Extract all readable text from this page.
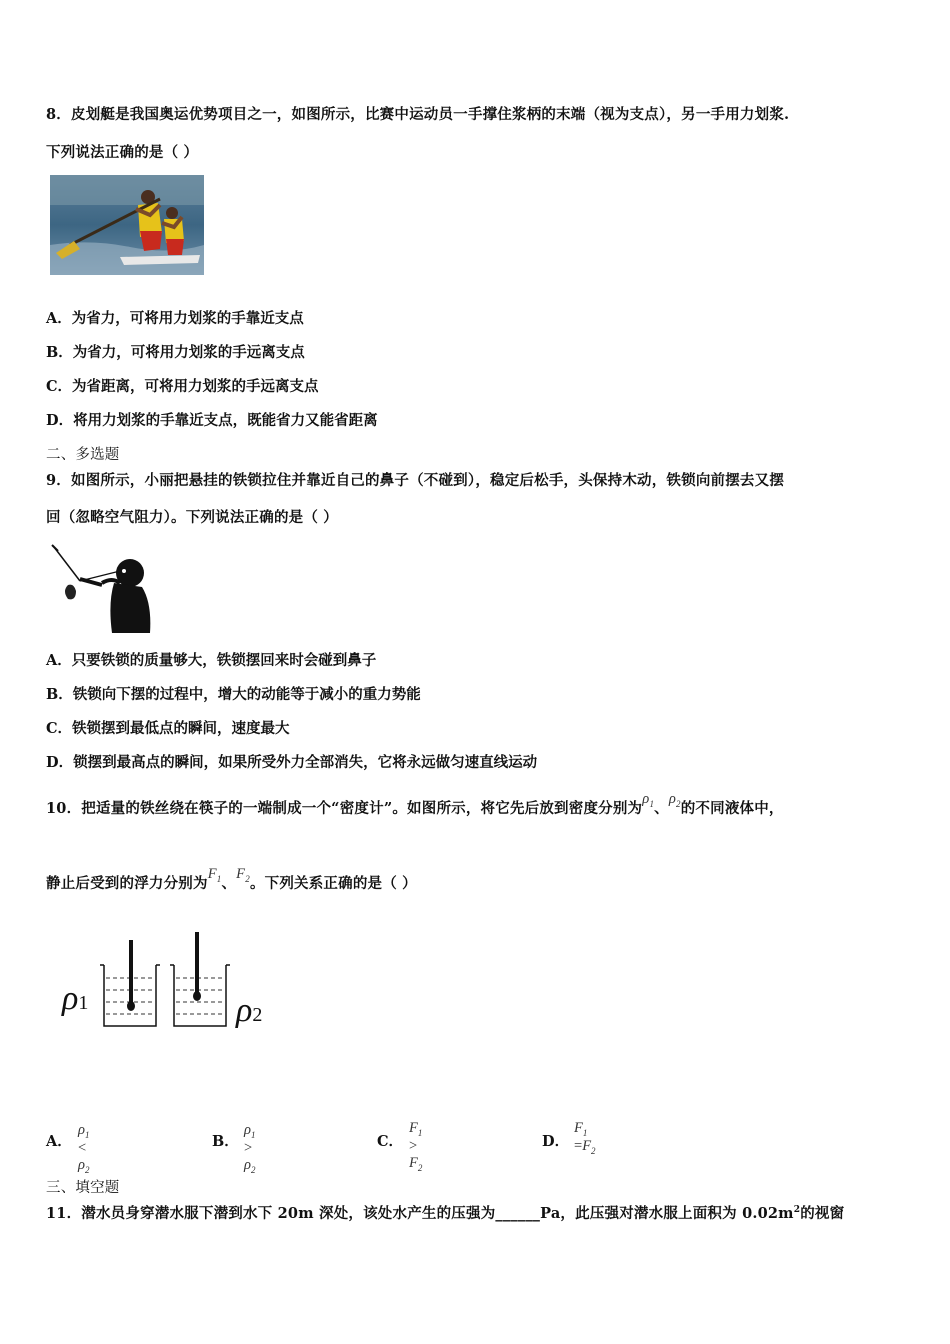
8．皮划艇是我国奥运优势项目之一，如图所示，比赛中运动员一手撑住浆柄的末端（视为支点），另一手用力划浆.
下列说法正确的是（ ）
A．为省力，可将用力划浆的手靠近支点
B．为省力，可将用力划浆的手远离支点
C．为省距离，可将用力划浆的手远离支点
D．将用力划浆的手靠近支点，既能省力又能省距离
二、多选题
9．如图所示，小丽把悬挂的铁锁拉住并靠近自己的鼻子（不碰到），稳定后松手，头保持木动，铁锁向前摆去又摆
回（忽略空气阻力）。下列说法正确的是（ ）
A．只要铁锁的质量够大，铁锁摆回来时会碰到鼻子
B．铁锁向下摆的过程中，增大的动能等于减小的重力势能
C．铁锁摆到最低点的瞬间，速度最大
D．锁摆到最高点的瞬间，如果所受外力全部消失，它将永远做匀速直线运动
10．把适量的铁丝绕在筷子的一端制成一个“密度计”。如图所示，将它先后放到密度分别为$\rho_1$、$\rho_2$的不同液体中，
静止后受到的浮力分别为$F_1$、$F_2$。下列关系正确的是（ ）
ρ1	ρ2
A．
$\rho_1 < \rho_2$
B．
$\rho_1 > \rho_2$
C．
$F_1 > F_2$
D．
$F_1 =F_2$
三、填空题
11．潜水员身穿潜水服下潜到水下 20m 深处，该处水产生的压强为______Pa，此压强对潜水服上面积为 $0.02m^2$的视窗
